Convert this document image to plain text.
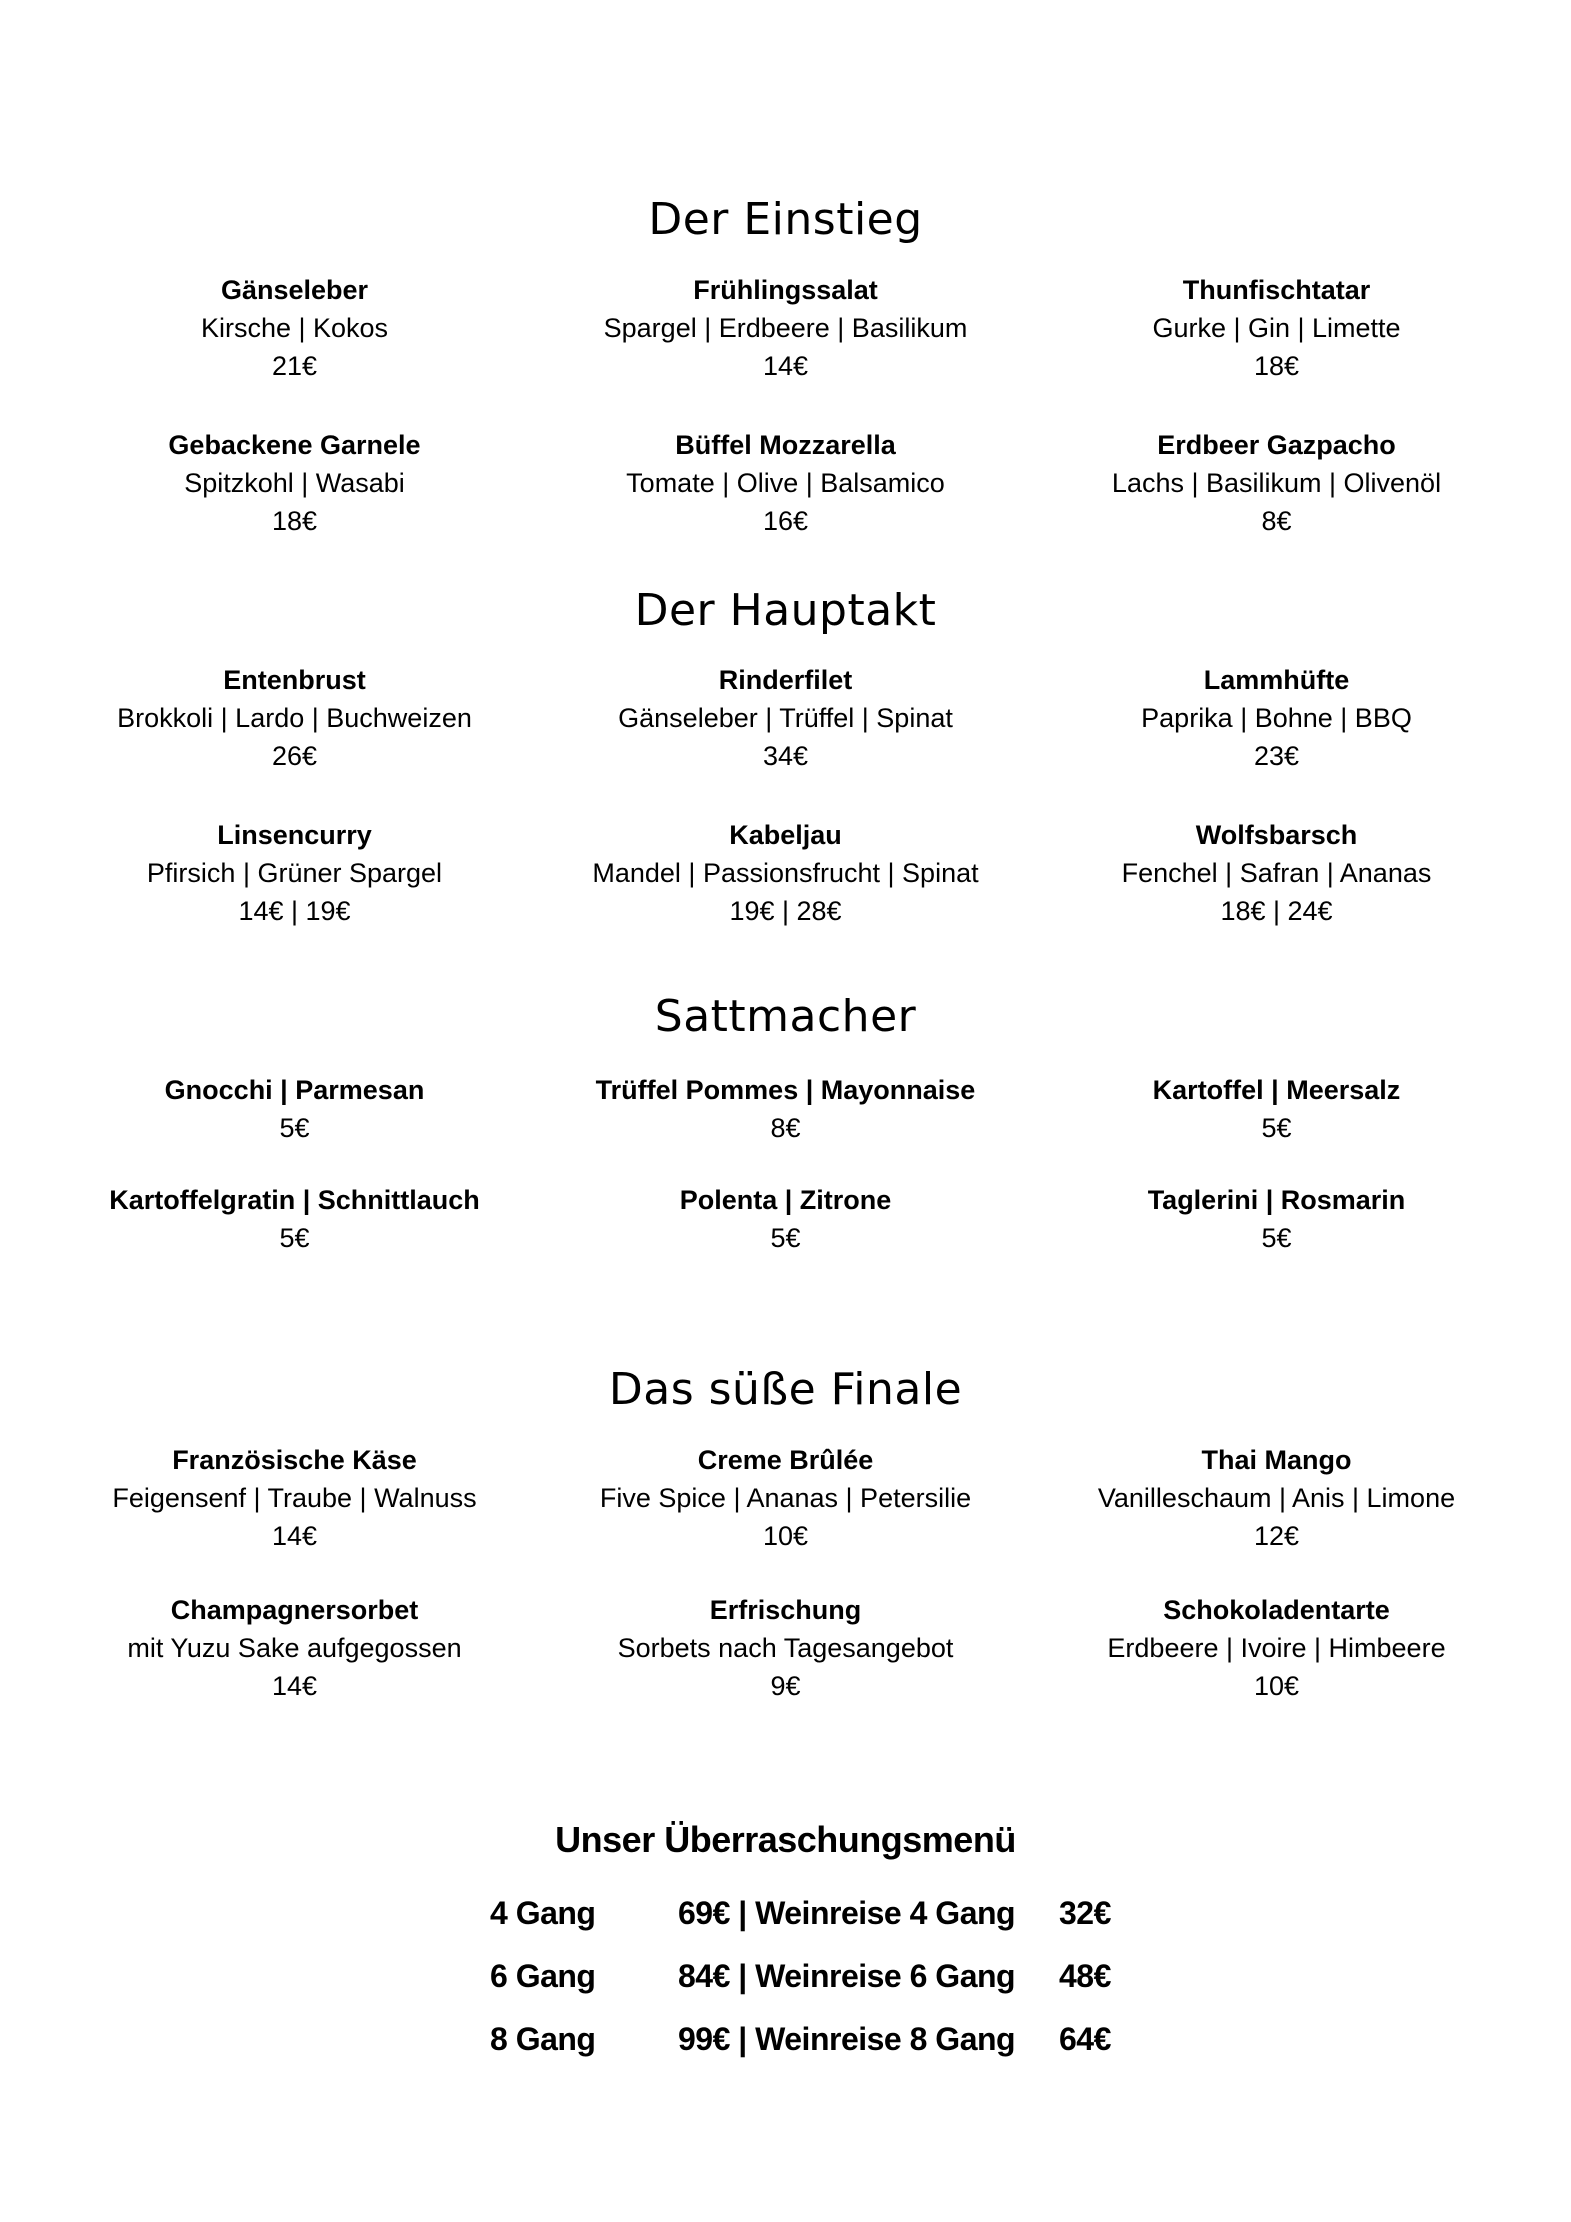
Der Einstieg
Gänseleber
Kirsche | Kokos
21€
Frühlingssalat
Spargel | Erdbeere | Basilikum
14€
Thunfischtatar
Gurke | Gin | Limette
18€
Gebackene Garnele
Spitzkohl | Wasabi
18€
Büffel Mozzarella
Tomate | Olive | Balsamico
16€
Erdbeer Gazpacho
Lachs | Basilikum | Olivenöl
8€
Der Hauptakt
Entenbrust
Brokkoli | Lardo | Buchweizen
26€
Rinderfilet
Gänseleber | Trüffel | Spinat
34€
Lammhüfte
Paprika | Bohne | BBQ
23€
Linsencurry
Pfirsich | Grüner Spargel
14€ | 19€
Kabeljau
Mandel | Passionsfrucht | Spinat
19€ | 28€
Wolfsbarsch
Fenchel | Safran | Ananas
18€ | 24€
Sattmacher
Gnocchi | Parmesan
5€
Trüffel Pommes | Mayonnaise
8€
Kartoffel | Meersalz
5€
Kartoffelgratin | Schnittlauch
5€
Polenta | Zitrone
5€
Taglerini | Rosmarin
5€
Das süße Finale
Französische Käse
Feigensenf | Traube | Walnuss
14€
Creme Brûlée
Five Spice | Ananas | Petersilie
10€
Thai Mango
Vanilleschaum | Anis | Limone
12€
Champagnersorbet
mit Yuzu Sake aufgegossen
14€
Erfrischung
Sorbets nach Tagesangebot
9€
Schokoladentarte
Erdbeere | Ivoire | Himbeere
10€
Unser Überraschungsmenü
4 Gang	69€ | Weinreise 4 Gang	32€
6 Gang	84€ | Weinreise 6 Gang	48€
8 Gang	99€ | Weinreise 8 Gang	64€
